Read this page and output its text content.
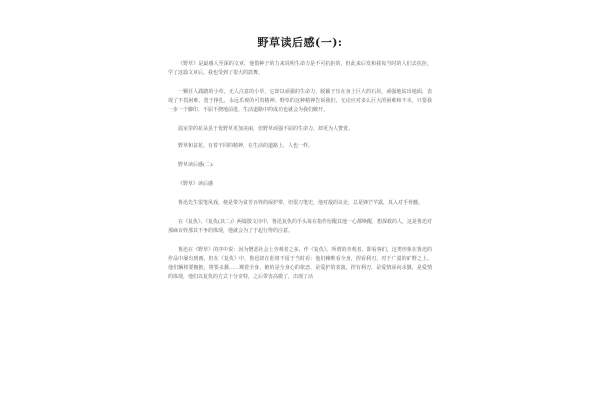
野草读后感(一):

《野草》是最感人至深的文章，他借种子的力来说明生命力是不可抗拒的，但此来后发和我每当时的人们去抗拒，学了这篇文章后，我也受到了很大的鼓舞。

一颗任人践踏的小草，无人注意的小草，它却以顽强的生命力，脱颖于压在身上巨大的石块，顽强地钻出地面，表现了不畏困难，勇于挣扎，永远乐观的可贵精神。野草的这种精神告诉我们，无论应对多么巨大的困难和不幸，只要我一步一个脚印，不屈不挠地前进，生活道路中的成功也就会为我们敞开。

温室里的花朵虽于优野草更加美丽，但野草顽强不屈的生命力，却更为人赞赏。

野草和盆花，有着不同的精神，在生活的道路上，人也一样。

野草读后感(二):

《野草》读后感

鲁迅先生很笔风戏，便是带为贫苦百姓的保护带，但很刀笔史，他对敌的议论，总是锋芒芊露，真入对手骨髓。

在《复仇》、《复仇(其二)》两篇散文诗中，鲁迅复仇的手头每在指作衍醒其他一心都唤醒，想探救的人，这是鲁迅对那麻百姓那其不争的体现，他就会为了于起行得的注意。

鲁迅在《野草》的序中说：因为憎恶社会上旁观者之多，作《复仇》。所谓的旁观者，即看客们，这类形象在鲁迅的作品中屡有到画。但在《复仇》中，鲁迅却在肚将不留于当时看：他们赖唯看全身，捏看利刃，对于广漠的旷野之上。他们辆将要拥抱，将要杀戮……裸着全身，俯的是全身心的依恋，是爱护的表演，捏有利刃，是爱情添向杀戮，是爱情的体现，他们以复仇的方式十分奇特，之后带害高微了，出现了活
